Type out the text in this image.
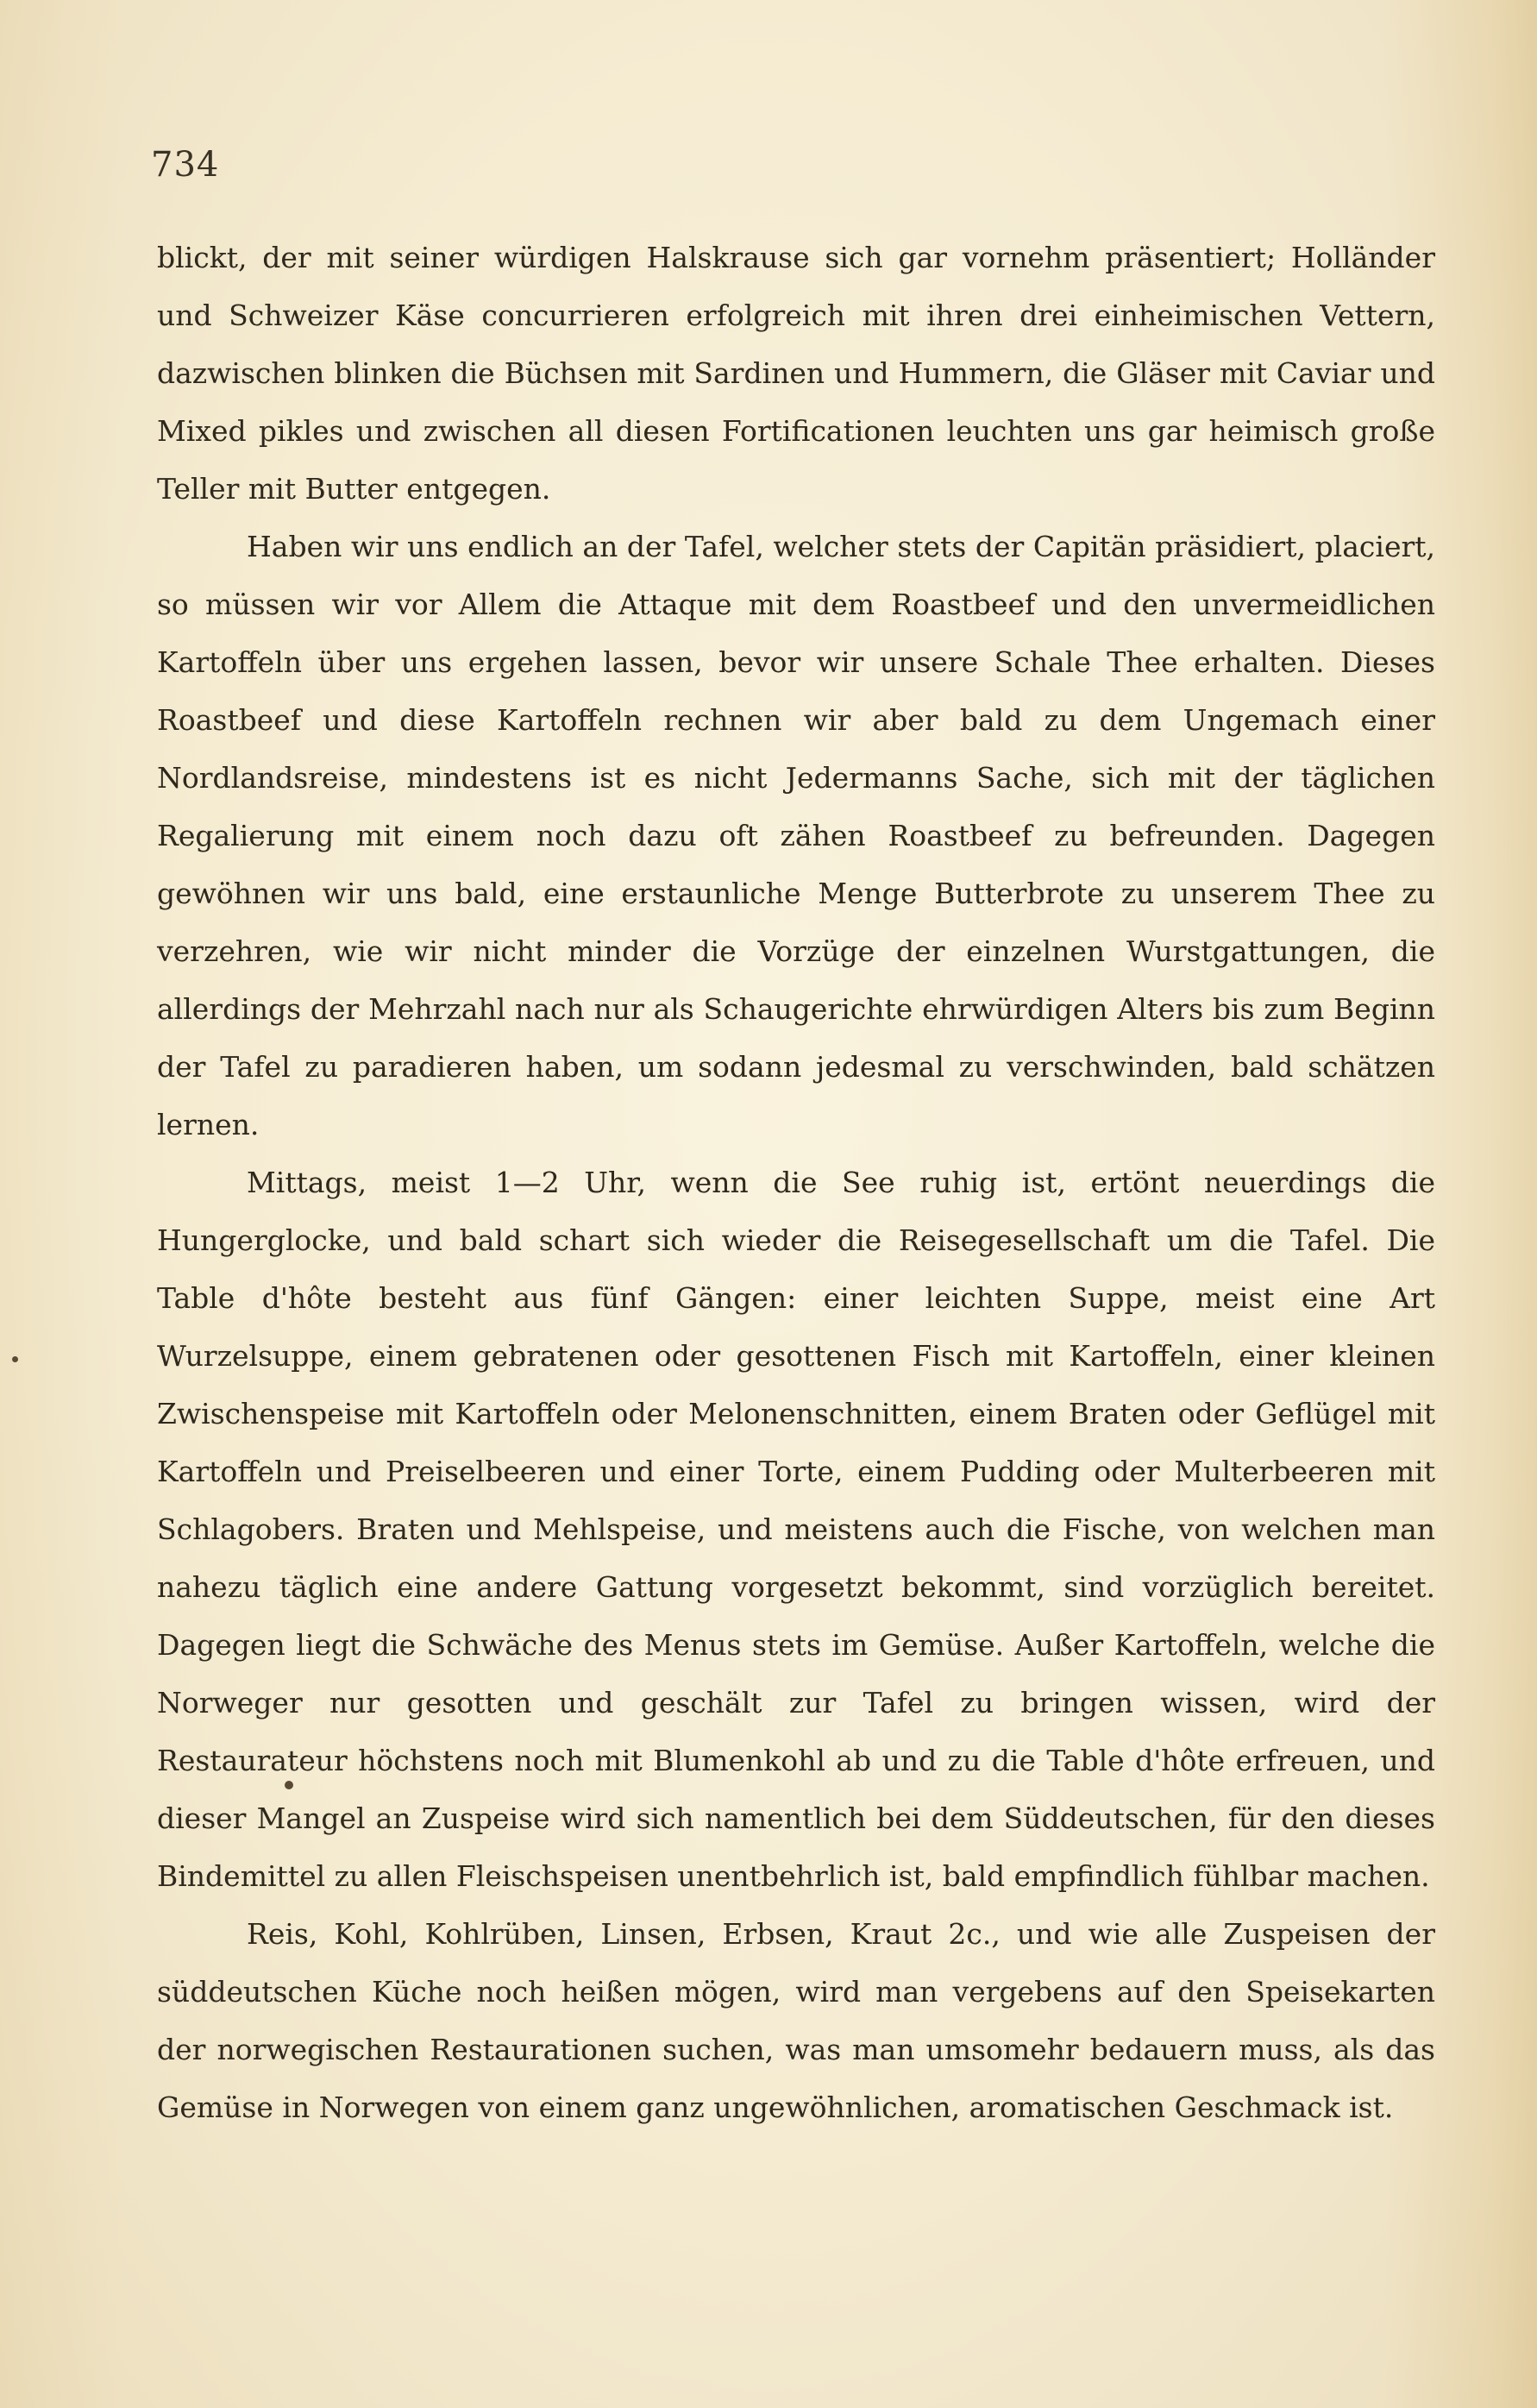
734

blickt, der mit seiner würdigen Halskrause sich gar vornehm präsentiert; Holländer und Schweizer Käse concurrieren erfolgreich mit ihren drei einheimischen Vettern, dazwischen blinken die Büchsen mit Sardinen und Hummern, die Gläser mit Caviar und Mixed pikles und zwischen all diesen Fortificationen leuchten uns gar heimisch große Teller mit Butter entgegen.

Haben wir uns endlich an der Tafel, welcher stets der Capitän präsidiert, placiert, so müssen wir vor Allem die Attaque mit dem Roastbeef und den unvermeidlichen Kartoffeln über uns ergehen lassen, bevor wir unsere Schale Thee erhalten. Dieses Roastbeef und diese Kartoffeln rechnen wir aber bald zu dem Ungemach einer Nordlandsreise, mindestens ist es nicht Jedermanns Sache, sich mit der täglichen Regalierung mit einem noch dazu oft zähen Roastbeef zu befreunden. Dagegen gewöhnen wir uns bald, eine erstaunliche Menge Butterbrote zu unserem Thee zu verzehren, wie wir nicht minder die Vorzüge der einzelnen Wurstgattungen, die allerdings der Mehrzahl nach nur als Schaugerichte ehrwürdigen Alters bis zum Beginn der Tafel zu paradieren haben, um sodann jedesmal zu verschwinden, bald schätzen lernen.

Mittags, meist 1—2 Uhr, wenn die See ruhig ist, ertönt neuerdings die Hungerglocke, und bald schart sich wieder die Reisegesellschaft um die Tafel. Die Table d'hôte besteht aus fünf Gängen: einer leichten Suppe, meist eine Art Wurzelsuppe, einem gebratenen oder gesottenen Fisch mit Kartoffeln, einer kleinen Zwischenspeise mit Kartoffeln oder Melonenschnitten, einem Braten oder Geflügel mit Kartoffeln und Preiselbeeren und einer Torte, einem Pudding oder Multerbeeren mit Schlagobers. Braten und Mehlspeise, und meistens auch die Fische, von welchen man nahezu täglich eine andere Gattung vorgesetzt bekommt, sind vorzüglich bereitet. Dagegen liegt die Schwäche des Menus stets im Gemüse. Außer Kartoffeln, welche die Norweger nur gesotten und geschält zur Tafel zu bringen wissen, wird der Restaurateur höchstens noch mit Blumenkohl ab und zu die Table d'hôte erfreuen, und dieser Mangel an Zuspeise wird sich namentlich bei dem Süddeutschen, für den dieses Bindemittel zu allen Fleischspeisen unentbehrlich ist, bald empfindlich fühlbar machen.

Reis, Kohl, Kohlrüben, Linsen, Erbsen, Kraut 2c., und wie alle Zuspeisen der süddeutschen Küche noch heißen mögen, wird man vergebens auf den Speisekarten der norwegischen Restaurationen suchen, was man umsomehr bedauern muss, als das Gemüse in Norwegen von einem ganz ungewöhnlichen, aromatischen Geschmack ist.
